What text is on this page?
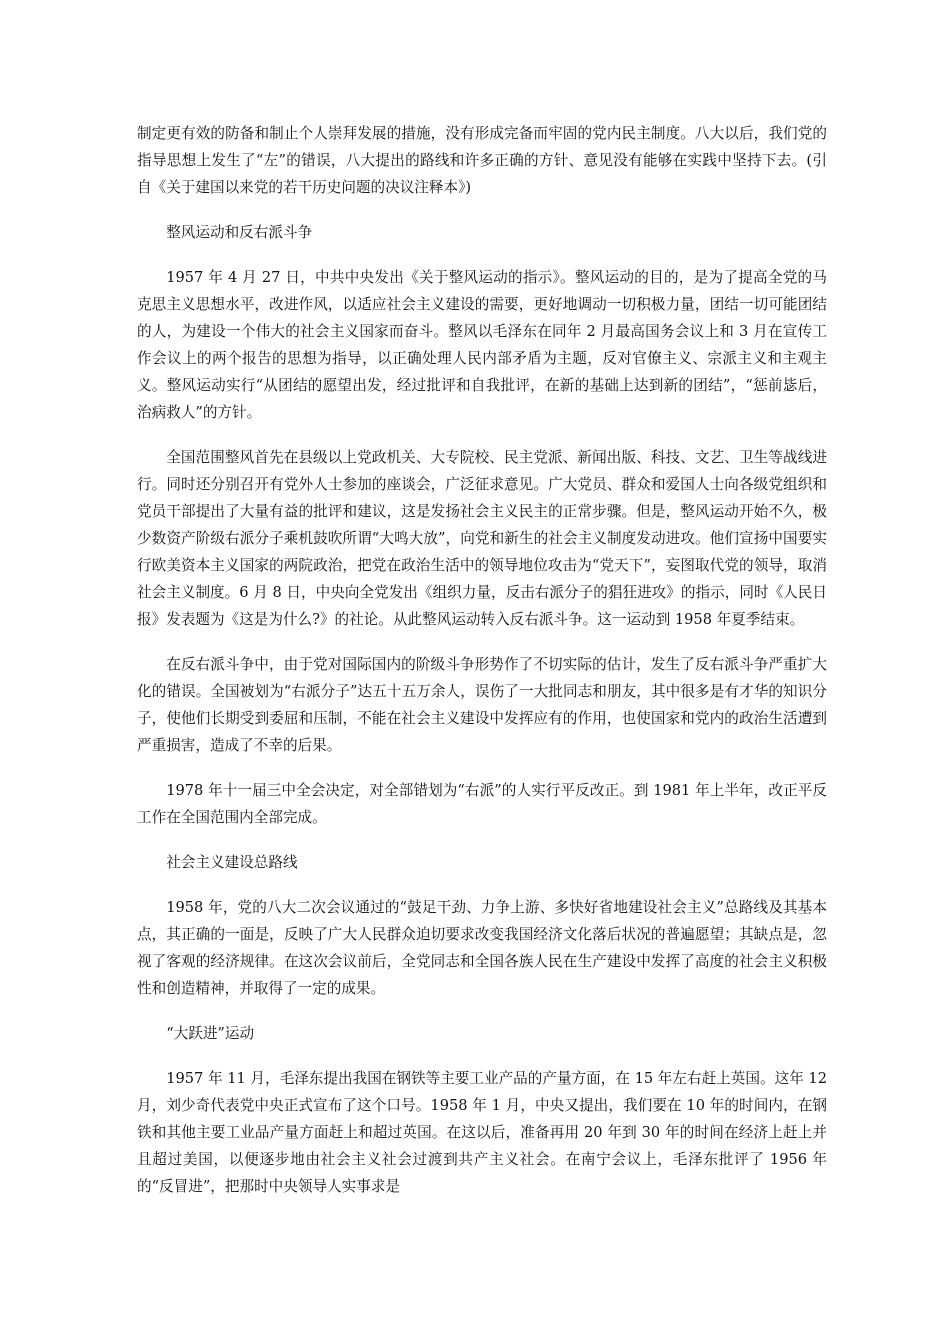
制定更有效的防备和制止个人崇拜发展的措施，没有形成完备而牢固的党内民主制度。八大以后，我们党的指导思想上发生了“左”的错误，八大提出的路线和许多正确的方针、意见没有能够在实践中坚持下去。(引自《关于建国以来党的若干历史问题的决议注释本》)

整风运动和反右派斗争

1957 年 4 月 27 日，中共中央发出《关于整风运动的指示》。整风运动的目的，是为了提高全党的马克思主义思想水平，改进作风，以适应社会主义建设的需要，更好地调动一切积极力量，团结一切可能团结的人，为建设一个伟大的社会主义国家而奋斗。整风以毛泽东在同年 2 月最高国务会议上和 3 月在宣传工作会议上的两个报告的思想为指导，以正确处理人民内部矛盾为主题，反对官僚主义、宗派主义和主观主义。整风运动实行“从团结的愿望出发，经过批评和自我批评，在新的基础上达到新的团结”，“惩前毖后，治病救人”的方针。

全国范围整风首先在县级以上党政机关、大专院校、民主党派、新闻出版、科技、文艺、卫生等战线进行。同时还分别召开有党外人士参加的座谈会，广泛征求意见。广大党员、群众和爱国人士向各级党组织和党员干部提出了大量有益的批评和建议，这是发扬社会主义民主的正常步骤。但是，整风运动开始不久，极少数资产阶级右派分子乘机鼓吹所谓“大鸣大放”，向党和新生的社会主义制度发动进攻。他们宣扬中国要实行欧美资本主义国家的两院政治，把党在政治生活中的领导地位攻击为“党天下”，妄图取代党的领导，取消社会主义制度。6 月 8 日，中央向全党发出《组织力量，反击右派分子的猖狂进攻》的指示，同时《人民日报》发表题为《这是为什么?》的社论。从此整风运动转入反右派斗争。这一运动到 1958 年夏季结束。

在反右派斗争中，由于党对国际国内的阶级斗争形势作了不切实际的估计，发生了反右派斗争严重扩大化的错误。全国被划为“右派分子”达五十五万余人，误伤了一大批同志和朋友，其中很多是有才华的知识分子，使他们长期受到委屈和压制，不能在社会主义建设中发挥应有的作用，也使国家和党内的政治生活遭到严重损害，造成了不幸的后果。

1978 年十一届三中全会决定，对全部错划为“右派”的人实行平反改正。到 1981 年上半年，改正平反工作在全国范围内全部完成。

社会主义建设总路线

1958 年，党的八大二次会议通过的“鼓足干劲、力争上游、多快好省地建设社会主义”总路线及其基本点，其正确的一面是，反映了广大人民群众迫切要求改变我国经济文化落后状况的普遍愿望；其缺点是，忽视了客观的经济规律。在这次会议前后，全党同志和全国各族人民在生产建设中发挥了高度的社会主义积极性和创造精神，并取得了一定的成果。

“大跃进”运动

1957 年 11 月，毛泽东提出我国在钢铁等主要工业产品的产量方面，在 15 年左右赶上英国。这年 12 月，刘少奇代表党中央正式宣布了这个口号。1958 年 1 月，中央又提出，我们要在 10 年的时间内，在钢铁和其他主要工业品产量方面赶上和超过英国。在这以后，准备再用 20 年到 30 年的时间在经济上赶上并且超过美国，以便逐步地由社会主义社会过渡到共产主义社会。在南宁会议上，毛泽东批评了 1956 年的“反冒进”，把那时中央领导人实事求是
